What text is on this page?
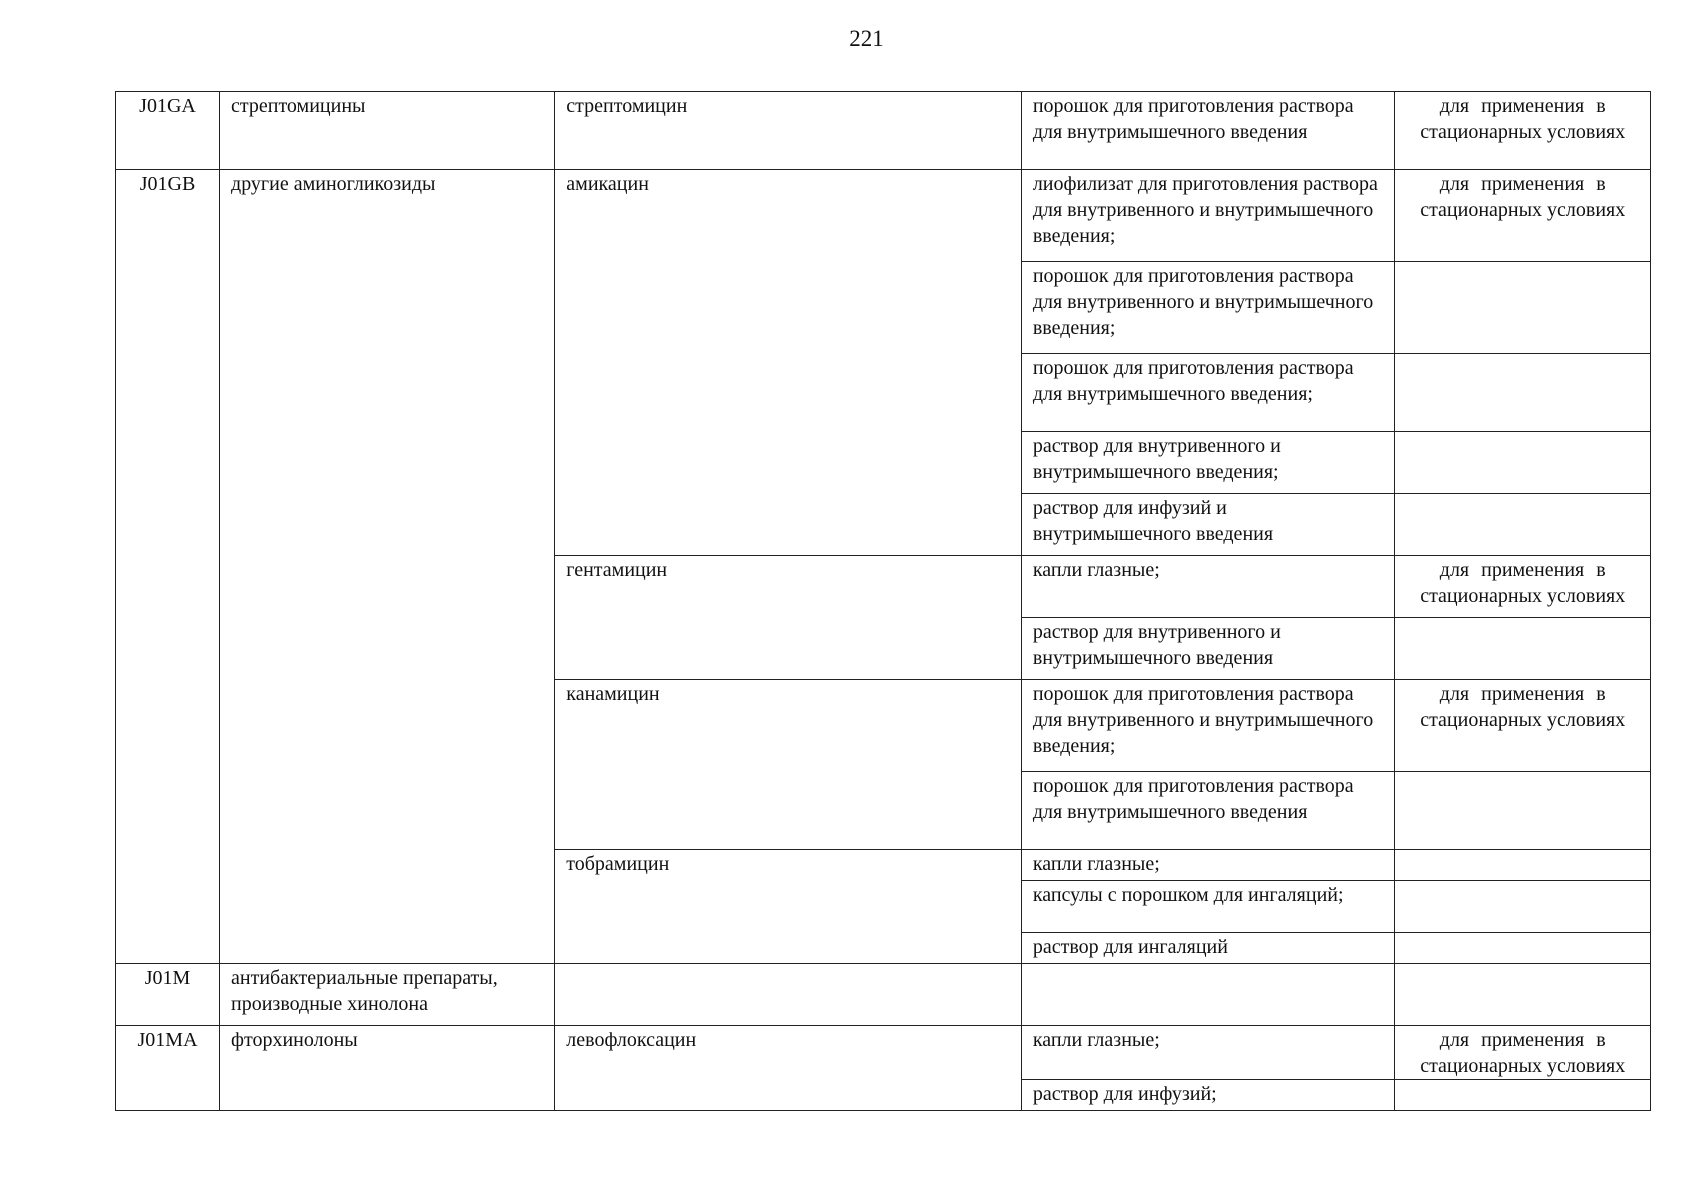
221
J01GA	стрептомицины	стрептомицин	порошок для приготовления раствора для внутримышечного введения	для применения в
стационарных условиях

J01GB	другие аминогликозиды	амикацин	лиофилизат для приготовления раствора для внутривенного и внутримышечного введения;	для применения в
стационарных условиях

			порошок для приготовления раствора для внутривенного и внутримышечного введения;	
			порошок для приготовления раствора для внутримышечного введения;	
			раствор для внутривенного и внутримышечного введения;	
			раствор для инфузий и внутримышечного введения	
		гентамицин	капли глазные;	для применения в
стационарных условиях

			раствор для внутривенного и внутримышечного введения	
		канамицин	порошок для приготовления раствора для внутривенного и внутримышечного введения;	для применения в
стационарных условиях

			порошок для приготовления раствора для внутримышечного введения	
		тобрамицин	капли глазные;	
			капсулы с порошком для ингаляций;	
			раствор для ингаляций	
J01M	антибактериальные препараты, производные хинолона			
J01MA	фторхинолоны	левофлоксацин	капли глазные;	для применения в
стационарных условиях

			раствор для инфузий;	
